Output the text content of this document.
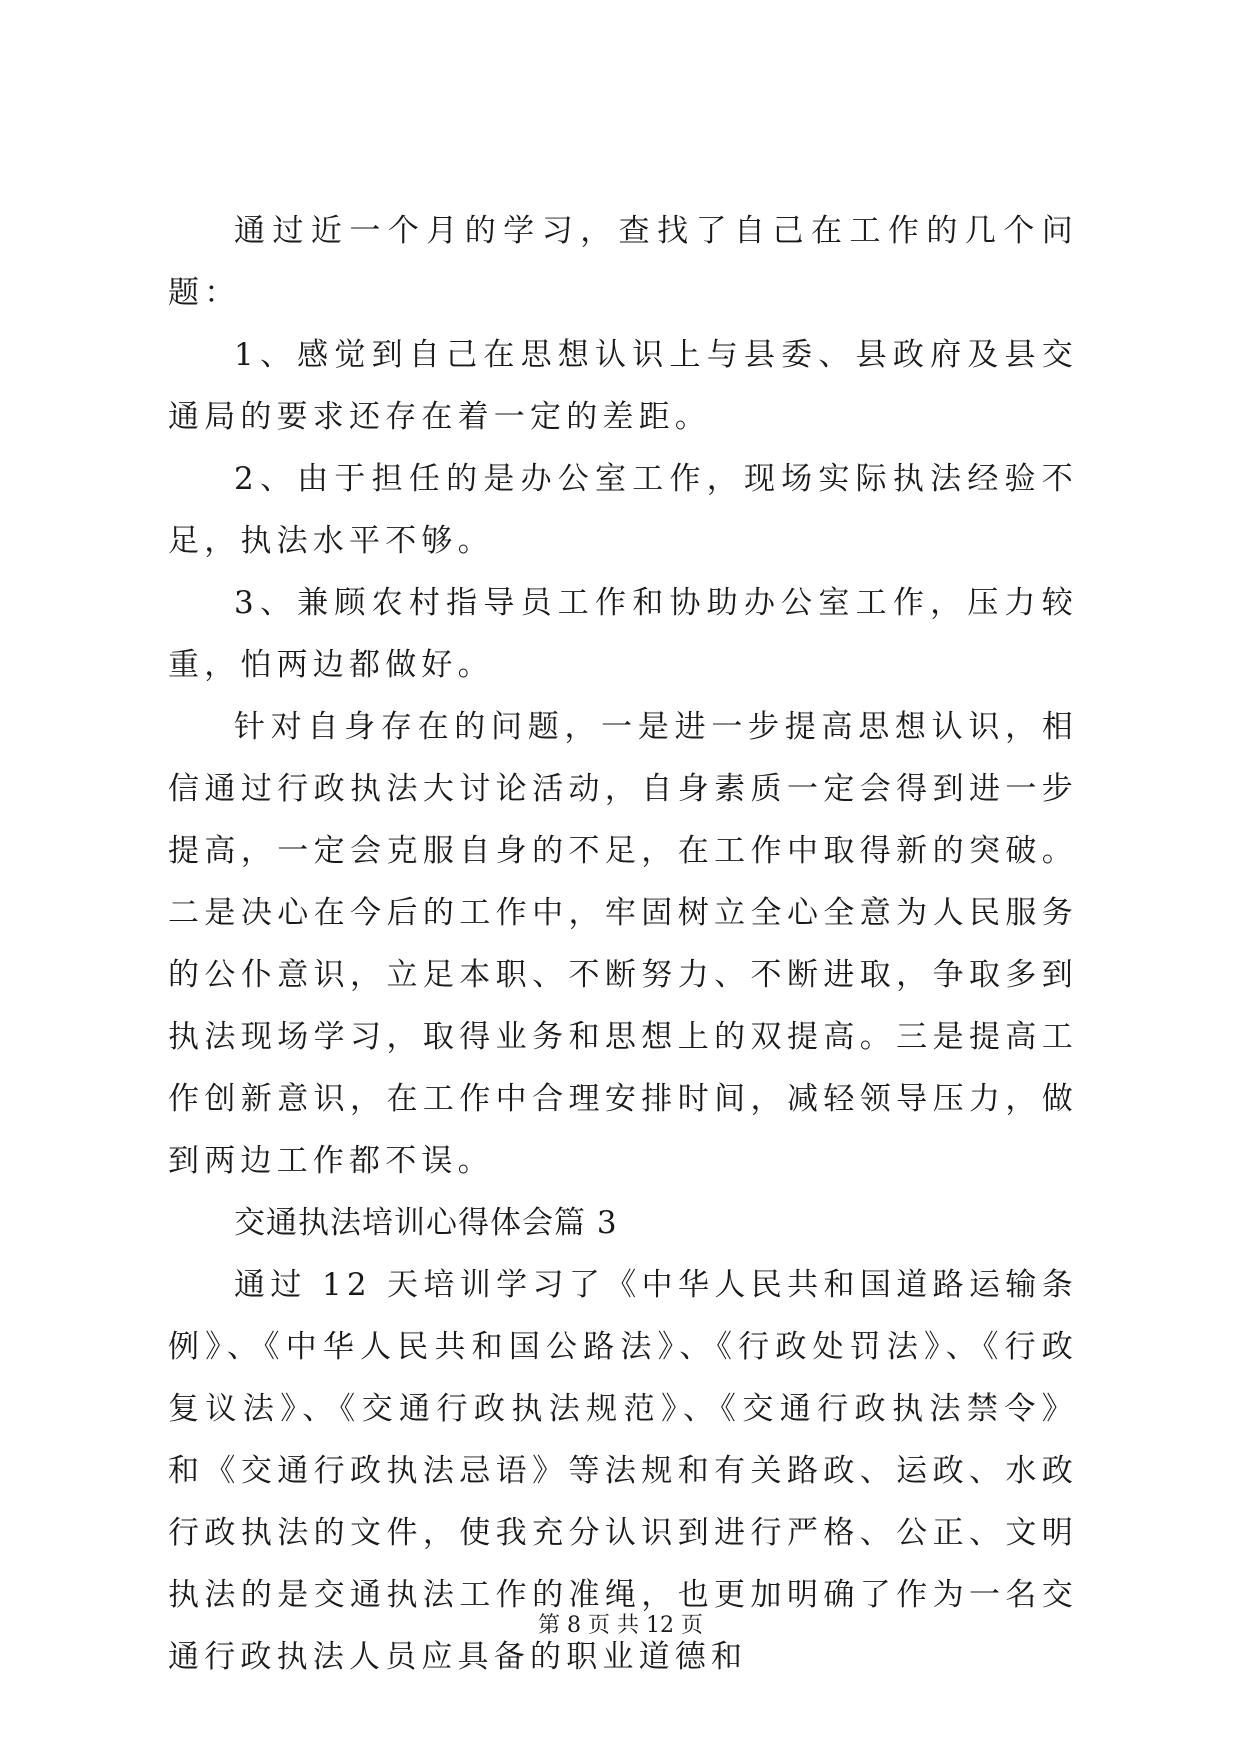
通过近一个月的学习，查找了自己在工作的几个问题：

1、感觉到自己在思想认识上与县委、县政府及县交通局的要求还存在着一定的差距。

2、由于担任的是办公室工作，现场实际执法经验不足，执法水平不够。

3、兼顾农村指导员工作和协助办公室工作，压力较重，怕两边都做好。

针对自身存在的问题，一是进一步提高思想认识，相信通过行政执法大讨论活动，自身素质一定会得到进一步提高，一定会克服自身的不足，在工作中取得新的突破。二是决心在今后的工作中，牢固树立全心全意为人民服务的公仆意识，立足本职、不断努力、不断进取，争取多到执法现场学习，取得业务和思想上的双提高。三是提高工作创新意识，在工作中合理安排时间，减轻领导压力，做到两边工作都不误。

交通执法培训心得体会篇 3

通过 12 天培训学习了《中华人民共和国道路运输条例》、《中华人民共和国公路法》、《行政处罚法》、《行政复议法》、《交通行政执法规范》、《交通行政执法禁令》和《交通行政执法忌语》等法规和有关路政、运政、水政行政执法的文件，使我充分认识到进行严格、公正、文明执法的是交通执法工作的准绳，也更加明确了作为一名交通行政执法人员应具备的职业道德和

第 8 页 共 12 页
